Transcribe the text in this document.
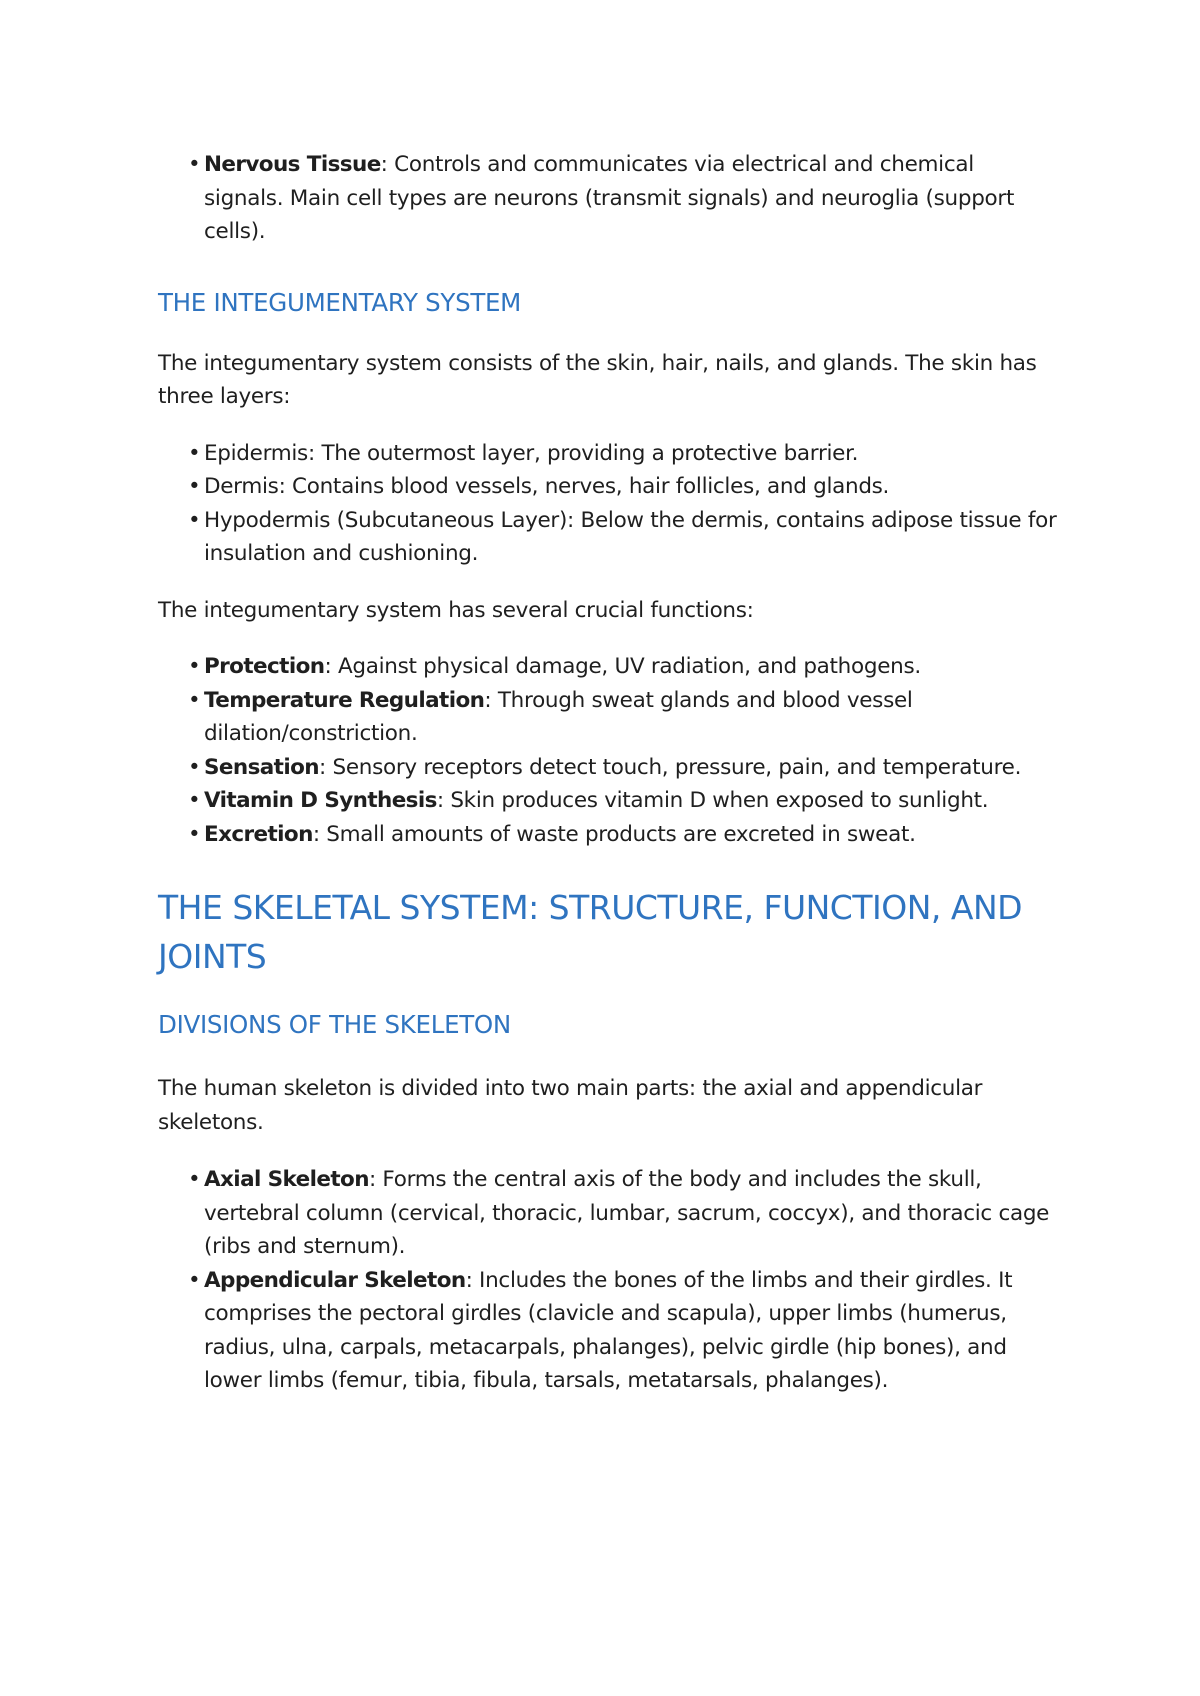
• Nervous Tissue: Controls and communicates via electrical and chemical signals. Main cell types are neurons (transmit signals) and neuroglia (support cells).
THE INTEGUMENTARY SYSTEM

The integumentary system consists of the skin, hair, nails, and glands. The skin has three layers:

• Epidermis: The outermost layer, providing a protective barrier.
• Dermis: Contains blood vessels, nerves, hair follicles, and glands.
• Hypodermis (Subcutaneous Layer): Below the dermis, contains adipose tissue for insulation and cushioning.

The integumentary system has several crucial functions:

• Protection: Against physical damage, UV radiation, and pathogens.
• Temperature Regulation: Through sweat glands and blood vessel dilation/constriction.
• Sensation: Sensory receptors detect touch, pressure, pain, and temperature.
• Vitamin D Synthesis: Skin produces vitamin D when exposed to sunlight.
• Excretion: Small amounts of waste products are excreted in sweat.
THE SKELETAL SYSTEM: STRUCTURE, FUNCTION, AND JOINTS
DIVISIONS OF THE SKELETON

The human skeleton is divided into two main parts: the axial and appendicular skeletons.

• Axial Skeleton: Forms the central axis of the body and includes the skull, vertebral column (cervical, thoracic, lumbar, sacrum, coccyx), and thoracic cage (ribs and sternum).
• Appendicular Skeleton: Includes the bones of the limbs and their girdles. It comprises the pectoral girdles (clavicle and scapula), upper limbs (humerus, radius, ulna, carpals, metacarpals, phalanges), pelvic girdle (hip bones), and lower limbs (femur, tibia, fibula, tarsals, metatarsals, phalanges).
